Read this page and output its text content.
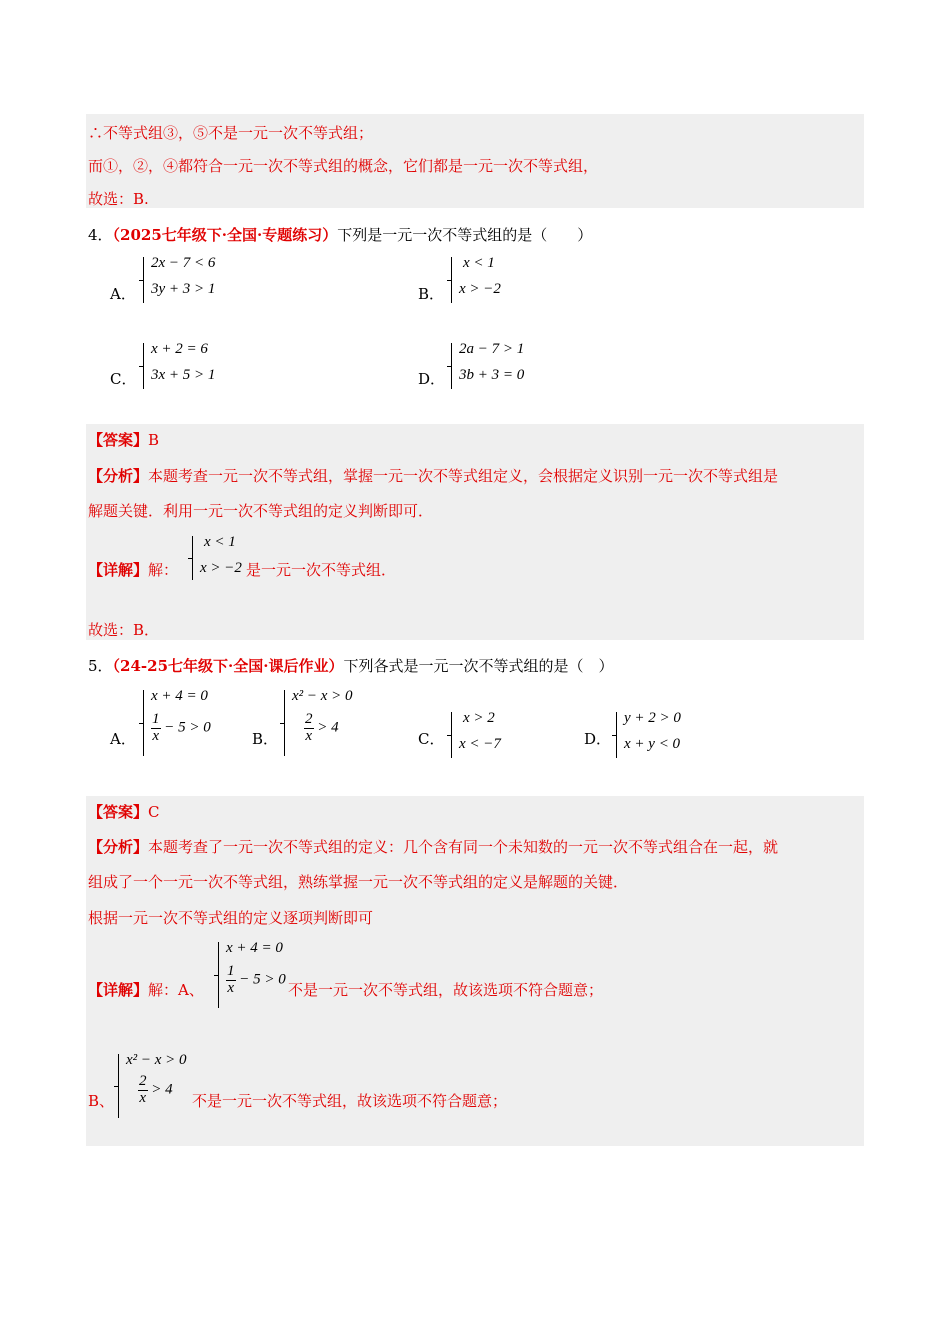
∴不等式组③，⑤不是一元一次不等式组；
而①，②，④都符合一元一次不等式组的概念，它们都是一元一次不等式组，
故选：B.
4．（2025七年级下·全国·专题练习）下列是一元一次不等式组的是（　　）
A．
2x − 7 < 6
3y + 3 > 1	B．
x < 1
x > −2
C．
x + 2 = 6
3x + 5 > 1	D．
2a − 7 > 1
3b + 3 = 0
【答案】B
【分析】本题考查一元一次不等式组，掌握一元一次不等式组定义，会根据定义识别一元一次不等式组是
解题关键．利用一元一次不等式组的定义判断即可．
【详解】解：
x < 1
x > −2 是一元一次不等式组．
故选：B．
5．（24-25七年级下·全国·课后作业）下列各式是一元一次不等式组的是（　）
A．
x + 4 = 0
$\frac{1}{x} - 5 > 0$
B．
x² − x > 0
$\frac{2}{x} > 4$
C．
x > 2
x < −7	D．
y + 2 > 0
x + y < 0
【答案】C
【分析】本题考查了一元一次不等式组的定义：几个含有同一个未知数的一元一次不等式组合在一起，就
组成了一个一元一次不等式组，熟练掌握一元一次不等式组的定义是解题的关键．
根据一元一次不等式组的定义逐项判断即可
【详解】解：A、
x + 4 = 0
$\frac{1}{x} - 5 > 0$
不是一元一次不等式组，故该选项不符合题意；
B、
x² − x > 0
$\frac{2}{x} > 4$
不是一元一次不等式组，故该选项不符合题意；
